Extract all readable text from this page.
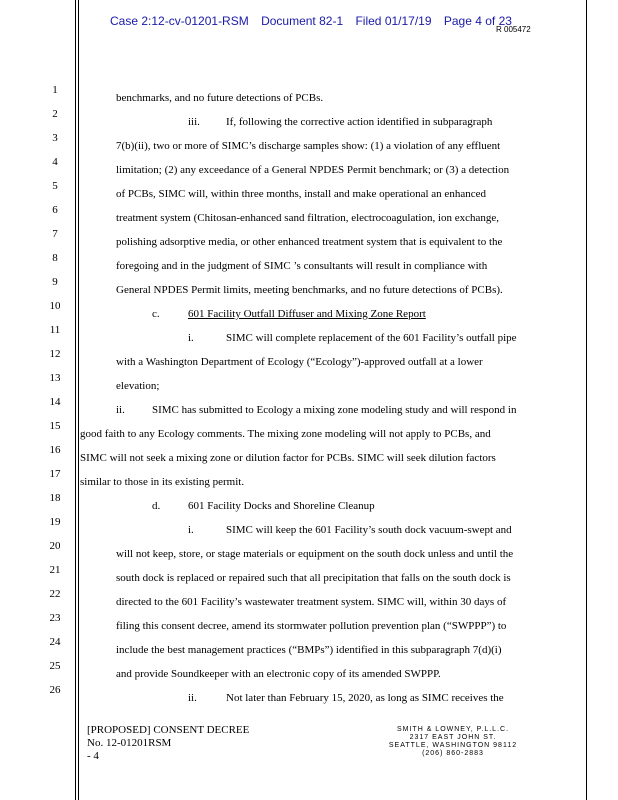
Case 2:12-cv-01201-RSM Document 82-1 Filed 01/17/19 Page 4 of 23
R 005472
1
2
3
4
5
6
7
8
9
10
11
12
13
14
15
16
17
18
19
20
21
22
23
24
25
26
benchmarks, and no future detections of PCBs.
iii. If, following the corrective action identified in subparagraph
7(b)(ii), two or more of SIMC’s discharge samples show: (1) a violation of any effluent
limitation; (2) any exceedance of a General NPDES Permit benchmark; or (3) a detection
of PCBs, SIMC will, within three months, install and make operational an enhanced
treatment system (Chitosan-enhanced sand filtration, electrocoagulation, ion exchange,
polishing adsorptive media, or other enhanced treatment system that is equivalent to the
foregoing and in the judgment of SIMC ’s consultants will result in compliance with
General NPDES Permit limits, meeting benchmarks, and no future detections of PCBs).
c.	601 Facility Outfall Diffuser and Mixing Zone Report
i.	SIMC will complete replacement of the 601 Facility’s outfall pipe
with a Washington Department of Ecology (“Ecology”)-approved outfall at a lower
elevation;
ii. SIMC has submitted to Ecology a mixing zone modeling study and will respond in
good faith to any Ecology comments. The mixing zone modeling will not apply to PCBs, and
SIMC will not seek a mixing zone or dilution factor for PCBs. SIMC will seek dilution factors
similar to those in its existing permit.
d.	601 Facility Docks and Shoreline Cleanup
i.	SIMC will keep the 601 Facility’s south dock vacuum-swept and
will not keep, store, or stage materials or equipment on the south dock unless and until the
south dock is replaced or repaired such that all precipitation that falls on the south dock is
directed to the 601 Facility’s wastewater treatment system. SIMC will, within 30 days of
filing this consent decree, amend its stormwater pollution prevention plan (“SWPPP”) to
include the best management practices (“BMPs”) identified in this subparagraph 7(d)(i)
and provide Soundkeeper with an electronic copy of its amended SWPPP.
ii.	Not later than February 15, 2020, as long as SIMC receives the
[PROPOSED] CONSENT DECREE
No. 12-01201RSM
- 4
SMITH & LOWNEY, P.L.L.C.
2317 EAST JOHN ST.
SEATTLE, WASHINGTON 98112
(206) 860-2883
